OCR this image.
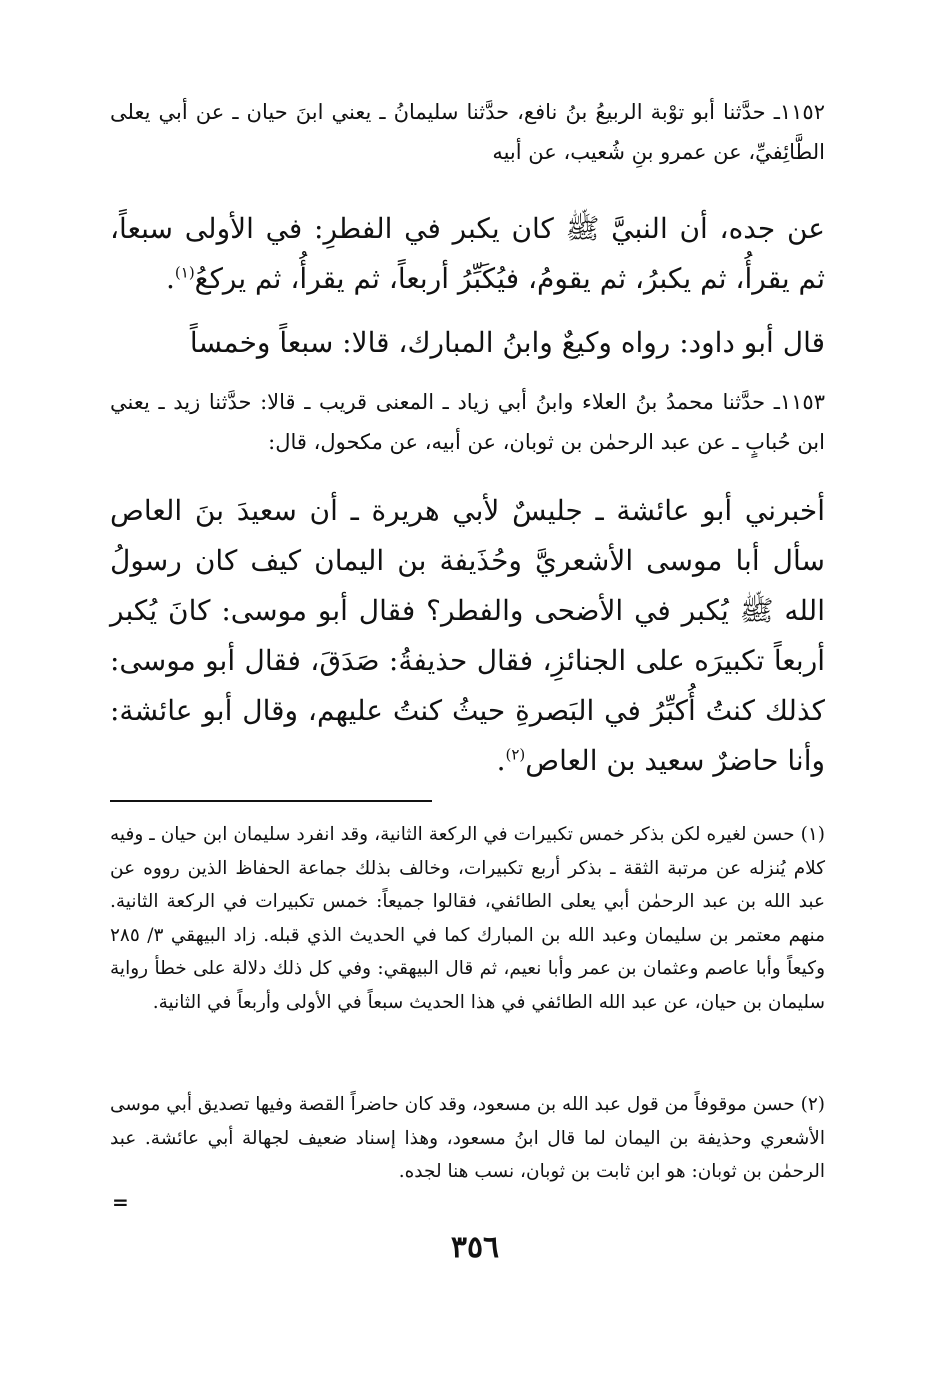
١١٥٢ـ حدَّثنا أبو توْبة الربيعُ بنُ نافع، حدَّثنا سليمانُ ـ يعني ابنَ حيان ـ عن أبي يعلى الطَّائِفيِّ، عن عمرو بنِ شُعيب، عن أبيه

عن جده، أن النبيَّ ﷺ كان يكبر في الفطرِ: في الأولى سبعاً، ثم يقرأُ، ثم يكبرُ، ثم يقومُ، فيُكَبِّرُ أربعاً، ثم يقرأُ، ثم يركعُ$^{(١)}$.

قال أبو داود: رواه وكيعٌ وابنُ المبارك، قالا: سبعاً وخمساً

١١٥٣ـ حدَّثنا محمدُ بنُ العلاء وابنُ أبي زياد ـ المعنى قريب ـ قالا: حدَّثنا زيد ـ يعني ابن حُبابٍ ـ عن عبد الرحمٰن بن ثوبان، عن أبيه، عن مكحول، قال:

أخبرني أبو عائشة ـ جليسٌ لأبي هريرة ـ أن سعيدَ بنَ العاص سأل أبا موسى الأشعريَّ وحُذَيفة بن اليمان كيف كان رسولُ الله ﷺ يُكبر في الأضحى والفطر؟ فقال أبو موسى: كانَ يُكبر أربعاً تكبيرَه على الجنائزِ، فقال حذيفةُ: صَدَقَ، فقال أبو موسى: كذلك كنتُ أُكبِّرُ في البَصرةِ حيثُ كنتُ عليهم، وقال أبو عائشة: وأنا حاضرٌ سعيد بن العاص$^{(٢)}$.

(١) حسن لغيره لكن بذكر خمس تكبيرات في الركعة الثانية، وقد انفرد سليمان ابن حيان ـ وفيه كلام يُنزله عن مرتبة الثقة ـ بذكر أربع تكبيرات، وخالف بذلك جماعة الحفاظ الذين رووه عن عبد الله بن عبد الرحمٰن أبي يعلى الطائفي، فقالوا جميعاً: خمس تكبيرات في الركعة الثانية. منهم معتمر بن سليمان وعبد الله بن المبارك كما في الحديث الذي قبله. زاد البيهقي ٣/ ٢٨٥ وكيعاً وأبا عاصم وعثمان بن عمر وأبا نعيم، ثم قال البيهقي: وفي كل ذلك دلالة على خطأ رواية سليمان بن حيان، عن عبد الله الطائفي في هذا الحديث سبعاً في الأولى وأربعاً في الثانية.

(٢) حسن موقوفاً من قول عبد الله بن مسعود، وقد كان حاضراً القصة وفيها تصديق أبي موسى الأشعري وحذيفة بن اليمان لما قال ابنُ مسعود، وهذا إسناد ضعيف لجهالة أبي عائشة. عبد الرحمٰن بن ثوبان: هو ابن ثابت بن ثوبان، نسب هنا لجده.

=
٣٥٦
